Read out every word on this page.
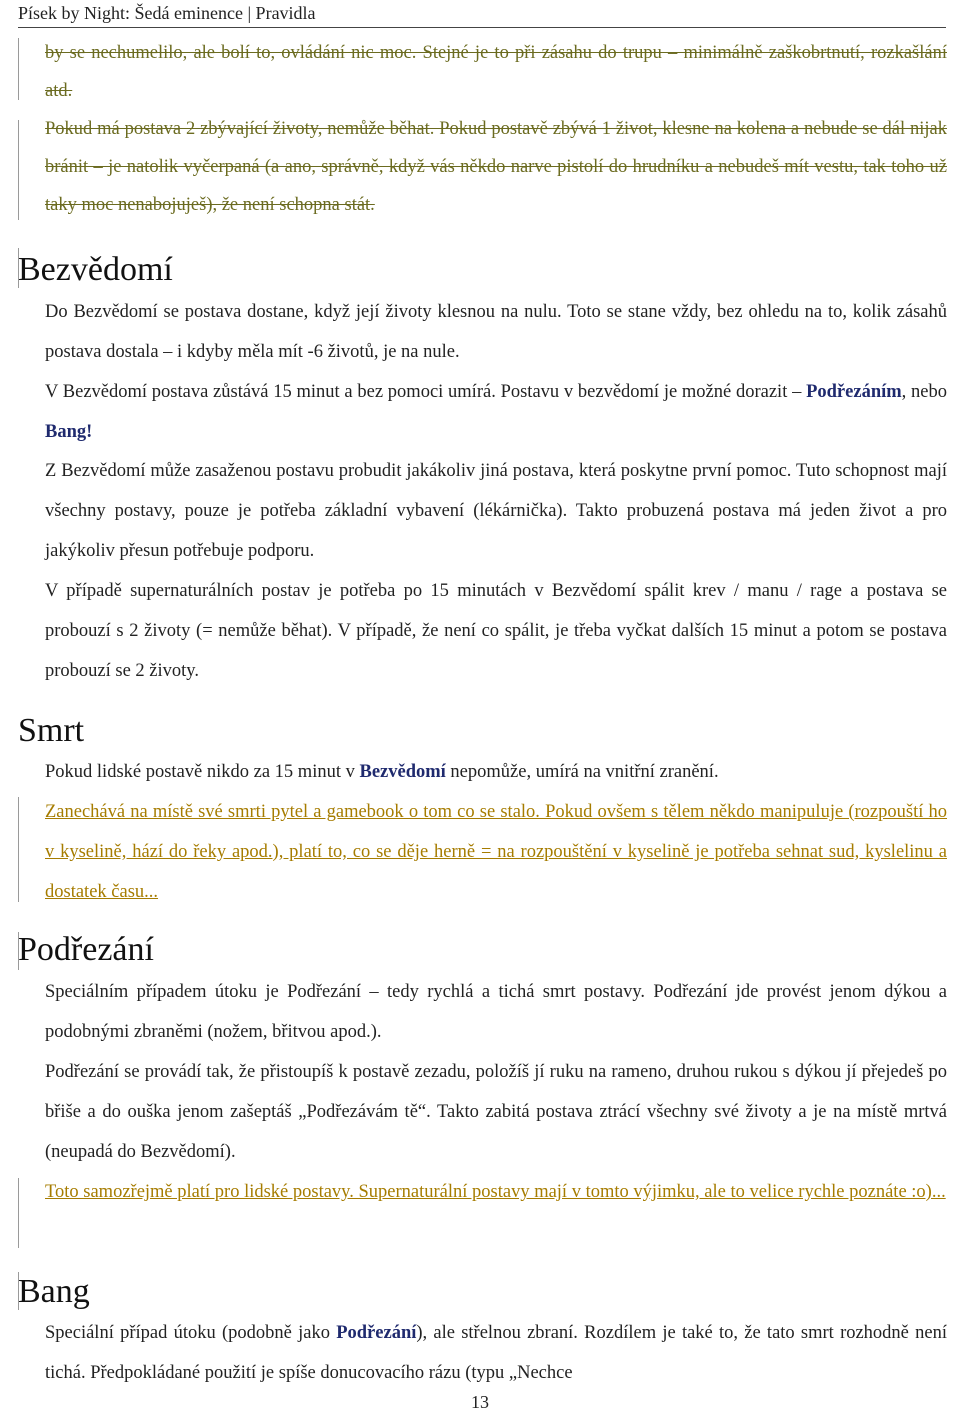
Písek by Night: Šedá eminence | Pravidla

by se nechumelilo, ale bolí to, ovládání nic moc. Stejné je to při zásahu do trupu – minimálně zaškobrtnutí, rozkašlání atd.

Pokud má postava 2 zbývající životy, nemůže běhat. Pokud postavě zbývá 1 život, klesne na kolena a nebude se dál nijak bránit – je natolik vyčerpaná (a ano, správně, když vás někdo narve pistolí do hrudníku a nebudeš mít vestu, tak toho už taky moc nenabojuješ), že není schopna stát.

Bezvědomí

Do Bezvědomí se postava dostane, když její životy klesnou na nulu. Toto se stane vždy, bez ohledu na to, kolik zásahů postava dostala – i kdyby měla mít -6 životů, je na nule.

V Bezvědomí postava zůstává 15 minut a bez pomoci umírá. Postavu v bezvědomí je možné dorazit – Podřezáním, nebo Bang!

Z Bezvědomí může zasaženou postavu probudit jakákoliv jiná postava, která poskytne první pomoc. Tuto schopnost mají všechny postavy, pouze je potřeba základní vybavení (lékárnička). Takto probuzená postava má jeden život a pro jakýkoliv přesun potřebuje podporu.

V případě supernaturálních postav je potřeba po 15 minutách v Bezvědomí spálit krev / manu / rage a postava se probouzí s 2 životy (= nemůže běhat). V případě, že není co spálit, je třeba vyčkat dalších 15 minut a potom se postava probouzí se 2 životy.

Smrt

Pokud lidské postavě nikdo za 15 minut v Bezvědomí nepomůže, umírá na vnitřní zranění.

Zanechává na místě své smrti pytel a gamebook o tom co se stalo. Pokud ovšem s tělem někdo manipuluje (rozpouští ho v kyselině, hází do řeky apod.), platí to, co se děje herně = na rozpouštění v kyselině je potřeba sehnat sud, kyslelinu a dostatek času...

Podřezání

Speciálním případem útoku je Podřezání – tedy rychlá a tichá smrt postavy. Podřezání jde provést jenom dýkou a podobnými zbraněmi (nožem, břitvou apod.).

Podřezání se provádí tak, že přistoupíš k postavě zezadu, položíš jí ruku na rameno, druhou rukou s dýkou jí přejedeš po břiše a do ouška jenom zašeptáš „Podřezávám tě“. Takto zabitá postava ztrácí všechny své životy a je na místě mrtvá (neupadá do Bezvědomí).

Toto samozřejmě platí pro lidské postavy. Supernaturální postavy mají v tomto výjimku, ale to velice rychle poznáte :o)...

Bang

Speciální případ útoku (podobně jako Podřezání), ale střelnou zbraní. Rozdílem je také to, že tato smrt rozhodně není tichá. Předpokládané použití je spíše donucovacího rázu (typu „Nechce

13
